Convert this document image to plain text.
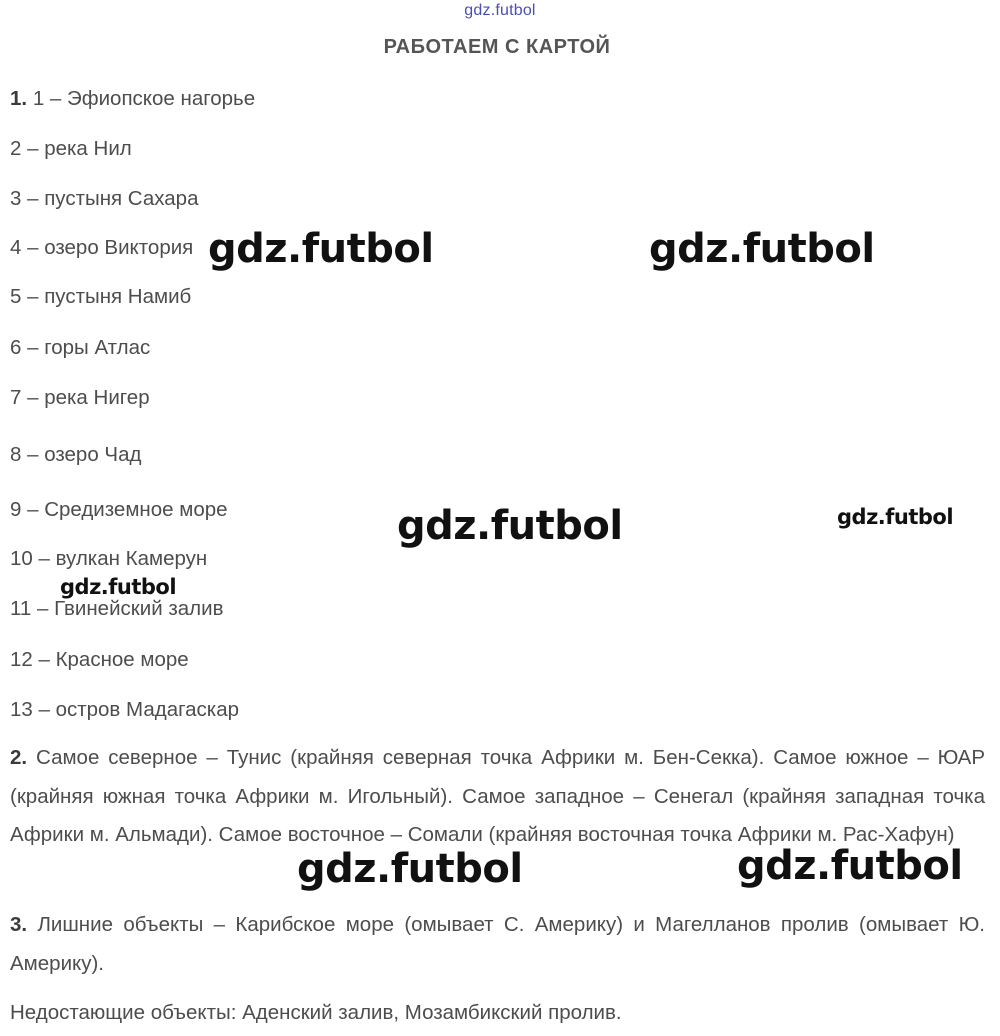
gdz.futbol
РАБОТАЕМ С КАРТОЙ
1. 1 – Эфиопское нагорье
2 – река Нил
3 – пустыня Сахара
4 – озеро Виктория
5 – пустыня Намиб
6 – горы Атлас
7 – река Нигер
8 – озеро Чад
9 – Средиземное море
10 – вулкан Камерун
11 – Гвинейский залив
12 – Красное море
13 – остров Мадагаскар
2. Самое северное – Тунис (крайняя северная точка Африки м. Бен-Секка). Самое южное – ЮАР (крайняя южная точка Африки м. Игольный). Самое западное – Сенегал (крайняя западная точка Африки м. Альмади). Самое восточное – Сомали (крайняя восточная точка Африки м. Рас-Хафун)
3. Лишние объекты – Карибское море (омывает С. Америку) и Магелланов пролив (омывает Ю. Америку).
Недостающие объекты: Аденский залив, Мозамбикский пролив.
gdz.futbol	gdz.futbol
gdz.futbol	gdz.futbol
gdz.futbol
gdz.futbol	gdz.futbol
